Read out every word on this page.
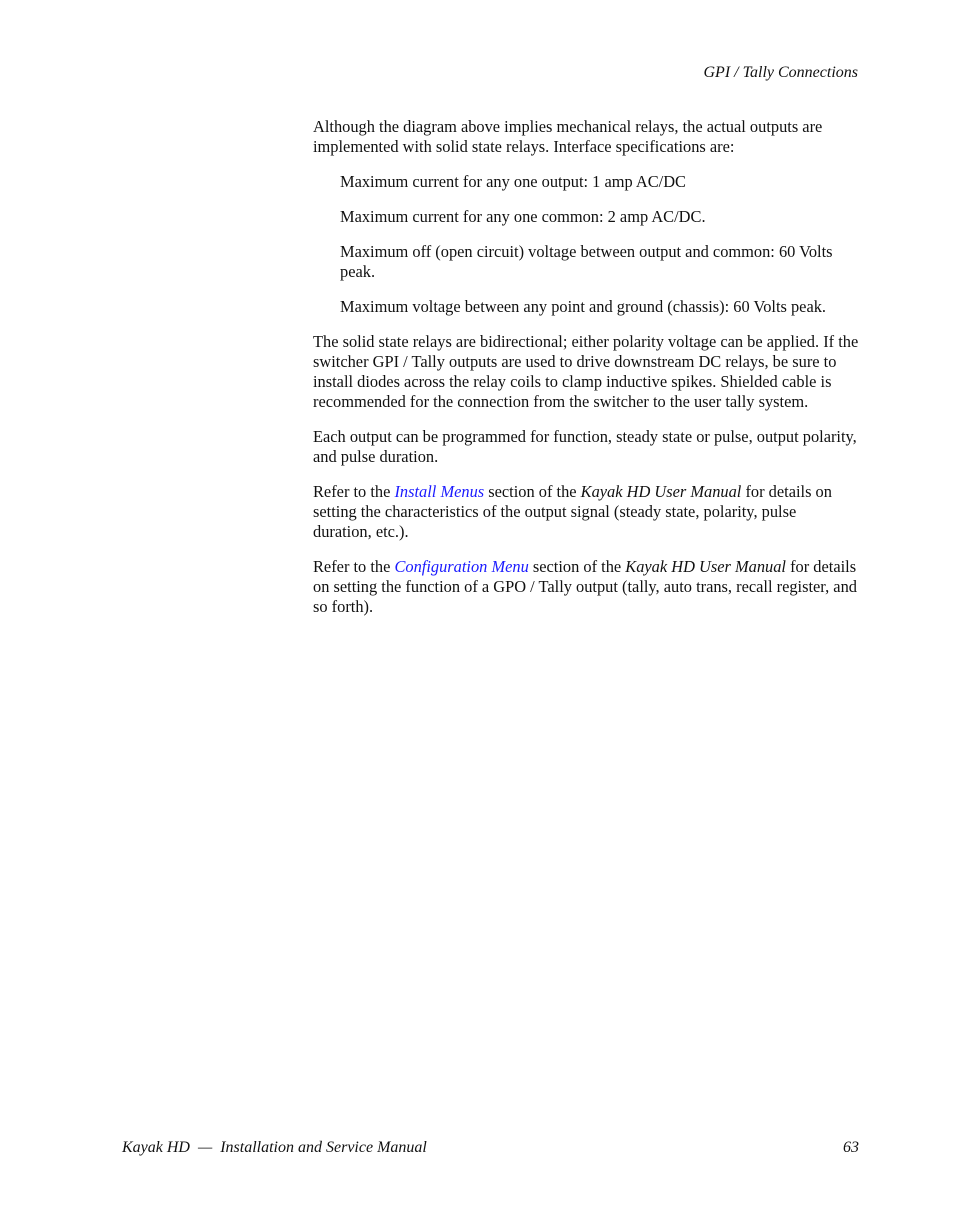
GPI / Tally Connections

Although the diagram above implies mechanical relays, the actual outputs are implemented with solid state relays. Interface specifications are:

Maximum current for any one output: 1 amp AC/DC

Maximum current for any one common: 2 amp AC/DC.

Maximum off (open circuit) voltage between output and common: 60 Volts peak.

Maximum voltage between any point and ground (chassis): 60 Volts peak.

The solid state relays are bidirectional; either polarity voltage can be applied. If the switcher GPI / Tally outputs are used to drive downstream DC relays, be sure to install diodes across the relay coils to clamp inductive spikes. Shielded cable is recommended for the connection from the switcher to the user tally system.

Each output can be programmed for function, steady state or pulse, output polarity, and pulse duration.

Refer to the Install Menus section of the Kayak HD User Manual for details on setting the characteristics of the output signal (steady state, polarity, pulse duration, etc.).

Refer to the Configuration Menu section of the Kayak HD User Manual for details on setting the function of a GPO / Tally output (tally, auto trans, recall register, and so forth).

Kayak HD  —  Installation and Service Manual	63
